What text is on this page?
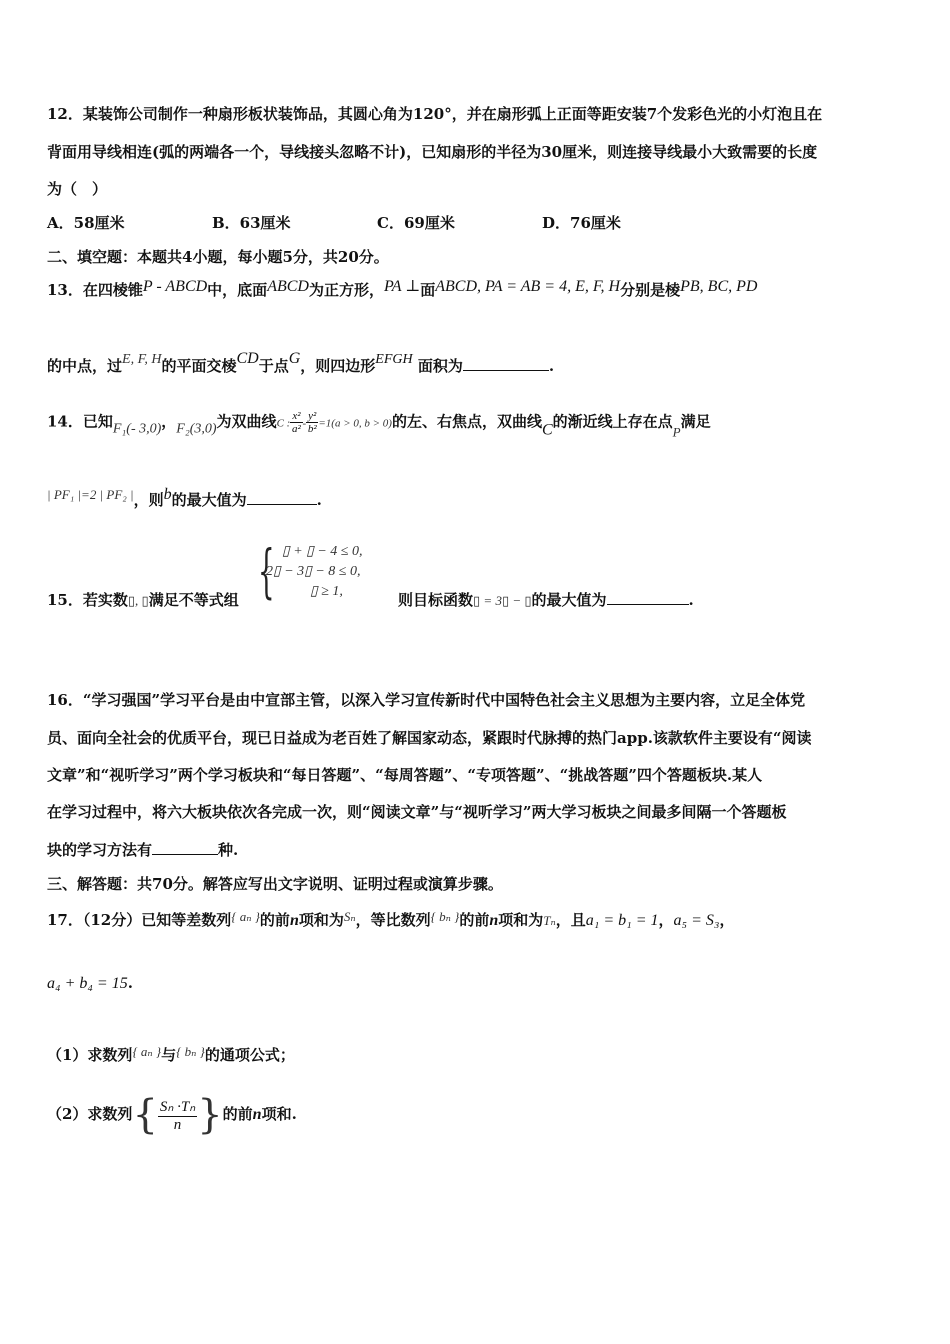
12．某装饰公司制作一种扇形板状装饰品，其圆心角为120°，并在扇形弧上正面等距安装7个发彩色光的小灯泡且在
背面用导线相连(弧的两端各一个，导线接头忽略不计)，已知扇形的半径为30厘米，则连接导线最小大致需要的长度
为（　）
A．58厘米	B．63厘米	C．69厘米	D．76厘米
二、填空题：本题共4小题，每小题5分，共20分。
13．在四棱锥P - ABCD中，底面ABCD为正方形，PA ⊥面ABCD, PA = AB = 4, E, F, H分别是棱PB, BC, PD
的中点，过E, F, H的平面交棱CD于点G，则四边形EFGH 面积为	.
14．已知F₁(- 3,0)，F₂(3,0)为双曲线C : $\frac{\text{x²}}{\text{a²}} - \frac{\text{y²}}{\text{b²}} =1(a > 0$, b > 0)的左、右焦点，双曲线C的渐近线上存在点P满足
| PF₁ |=2 | PF₂ |，则b的最大值为	.
15．若实数▯, ▯满足不等式组 { ▯ + ▯ − 4 ≤ 0,
2▯ − 3▯ − 8 ≤ 0,
▯ ≥ 1,	则目标函数▯ = 3▯ − ▯的最大值为	.
16．“学习强国”学习平台是由中宣部主管，以深入学习宣传新时代中国特色社会主义思想为主要内容，立足全体党
员、面向全社会的优质平台，现已日益成为老百姓了解国家动态，紧跟时代脉搏的热门app.该款软件主要设有“阅读
文章”和“视听学习”两个学习板块和“每日答题”、“每周答题”、“专项答题”、“挑战答题”四个答题板块.某人
在学习过程中，将六大板块依次各完成一次，则“阅读文章”与“视听学习”两大学习板块之间最多间隔一个答题板
块的学习方法有	种.
三、解答题：共70分。解答应写出文字说明、证明过程或演算步骤。
17．（12分）已知等差数列{ aₙ }的前n项和为Sₙ，等比数列{ bₙ }的前n项和为Tₙ，且a₁ = b₁ = 1，a₅ = S₃，
a₄ + b₄ = 15.
（1）求数列{ aₙ }与{ bₙ }的通项公式；
（2）求数列{ $\frac{\text{Sₙ ·Tₙ}}{n}$ }的前n项和.
